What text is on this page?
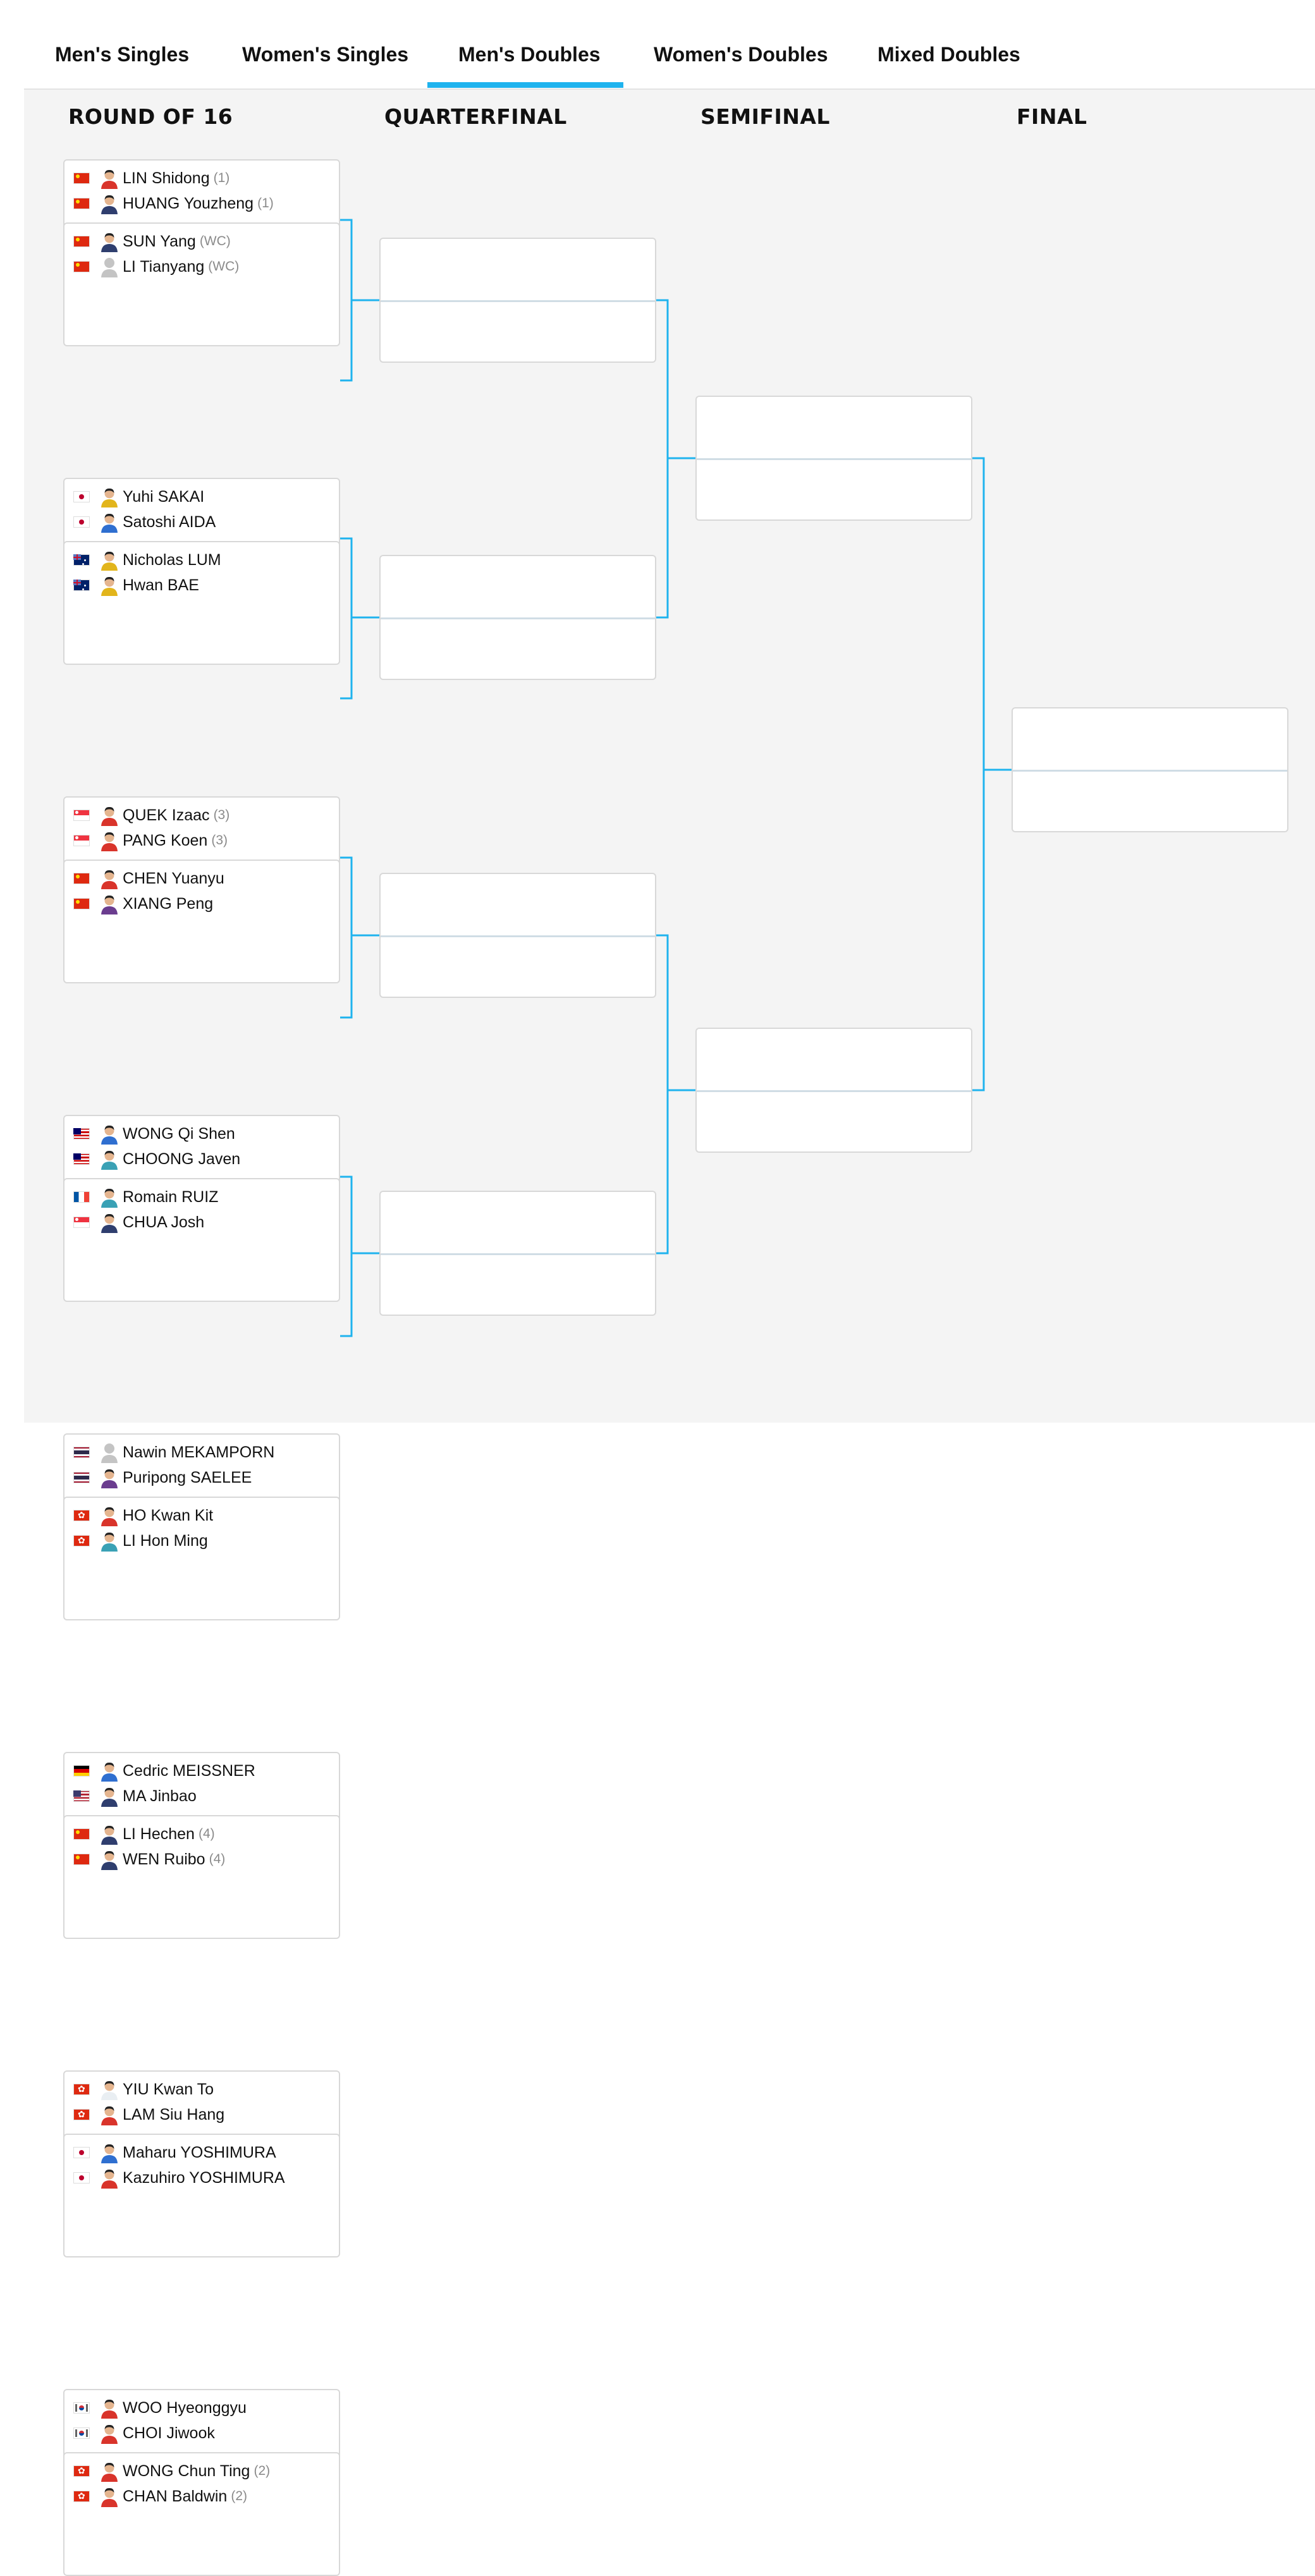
Men's Singles	Women's Singles Men's Doubles	Women's Doubles Mixed Doubles
ROUND OF 16	QUARTERFINAL	SEMIFINAL	FINAL
LIN Shidong (1)
HUANG Youzheng (1)
SUN Yang (WC)
LI Tianyang (WC)
Yuhi SAKAI
Satoshi AIDA
Nicholas LUM
Hwan BAE
QUEK Izaac (3)
PANG Koen (3)
CHEN Yuanyu
XIANG Peng
WONG Qi Shen
CHOONG Javen
Romain RUIZ
CHUA Josh
Nawin MEKAMPORN
Puripong SAELEE
✿
HO Kwan Kit
✿
LI Hon Ming
Cedric MEISSNER
MA Jinbao
LI Hechen (4)
WEN Ruibo (4)
✿
YIU Kwan To
✿
LAM Siu Hang
Maharu YOSHIMURA
Kazuhiro YOSHIMURA
WOO Hyeonggyu
CHOI Jiwook
✿
WONG Chun Ting (2)
✿
CHAN Baldwin (2)
